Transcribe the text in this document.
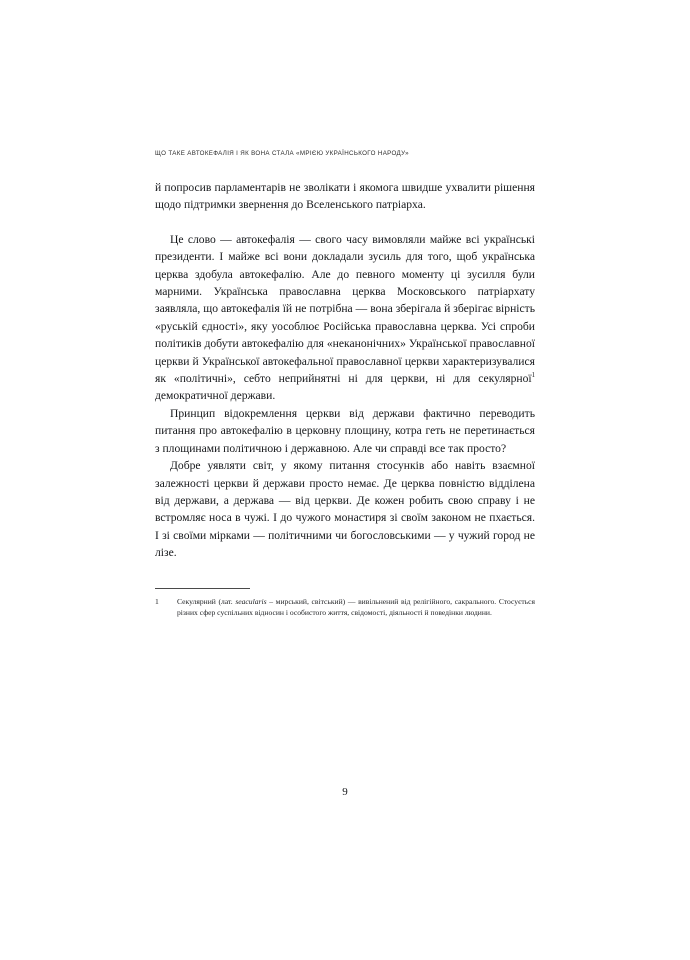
ЩО ТАКЕ АВТОКЕФАЛІЯ І ЯК ВОНА СТАЛА «МРІЄЮ УКРАЇНСЬКОГО НАРОДУ»

й попросив парламентарів не зволікати і якомога швидше ухвалити рішення щодо підтримки звернення до Вселенського патріарха.

Це слово — автокефалія — свого часу вимовляли майже всі українські президенти. І майже всі вони докладали зусиль для того, щоб українська церква здобула автокефалію. Але до певного моменту ці зусилля були марними. Українська православна церква Московського патріархату заявляла, що автокефалія їй не потрібна — вона зберігала й зберігає вірність «руській єдності», яку уособлює Російська православна церква. Усі спроби політиків добути автокефалію для «неканонічних» Української православної церкви й Української автокефальної православної церкви характеризувалися як «політичні», себто неприйнятні ні для церкви, ні для секулярної$^1$ демократичної держави.

Принцип відокремлення церкви від держави фактично переводить питання про автокефалію в церковну площину, котра геть не перетинається з площинами політичною і державною. Але чи справді все так просто?

Добре уявляти світ, у якому питання стосунків або навіть взаємної залежності церкви й держави просто немає. Де церква повністю відділена від держави, а держава — від церкви. Де кожен робить свою справу і не встромляє носа в чужі. І до чужого монастиря зі своїм законом не пхається. І зі своїми мірками — політичними чи богословськими — у чужий город не лізе.

1 Секулярний (лат. seacularis – мирський, світський) — вивільнений від релігійного, сакрального. Стосується різних сфер суспільних відносин і особистого життя, свідомості, діяльності й поведінки людини.
9
